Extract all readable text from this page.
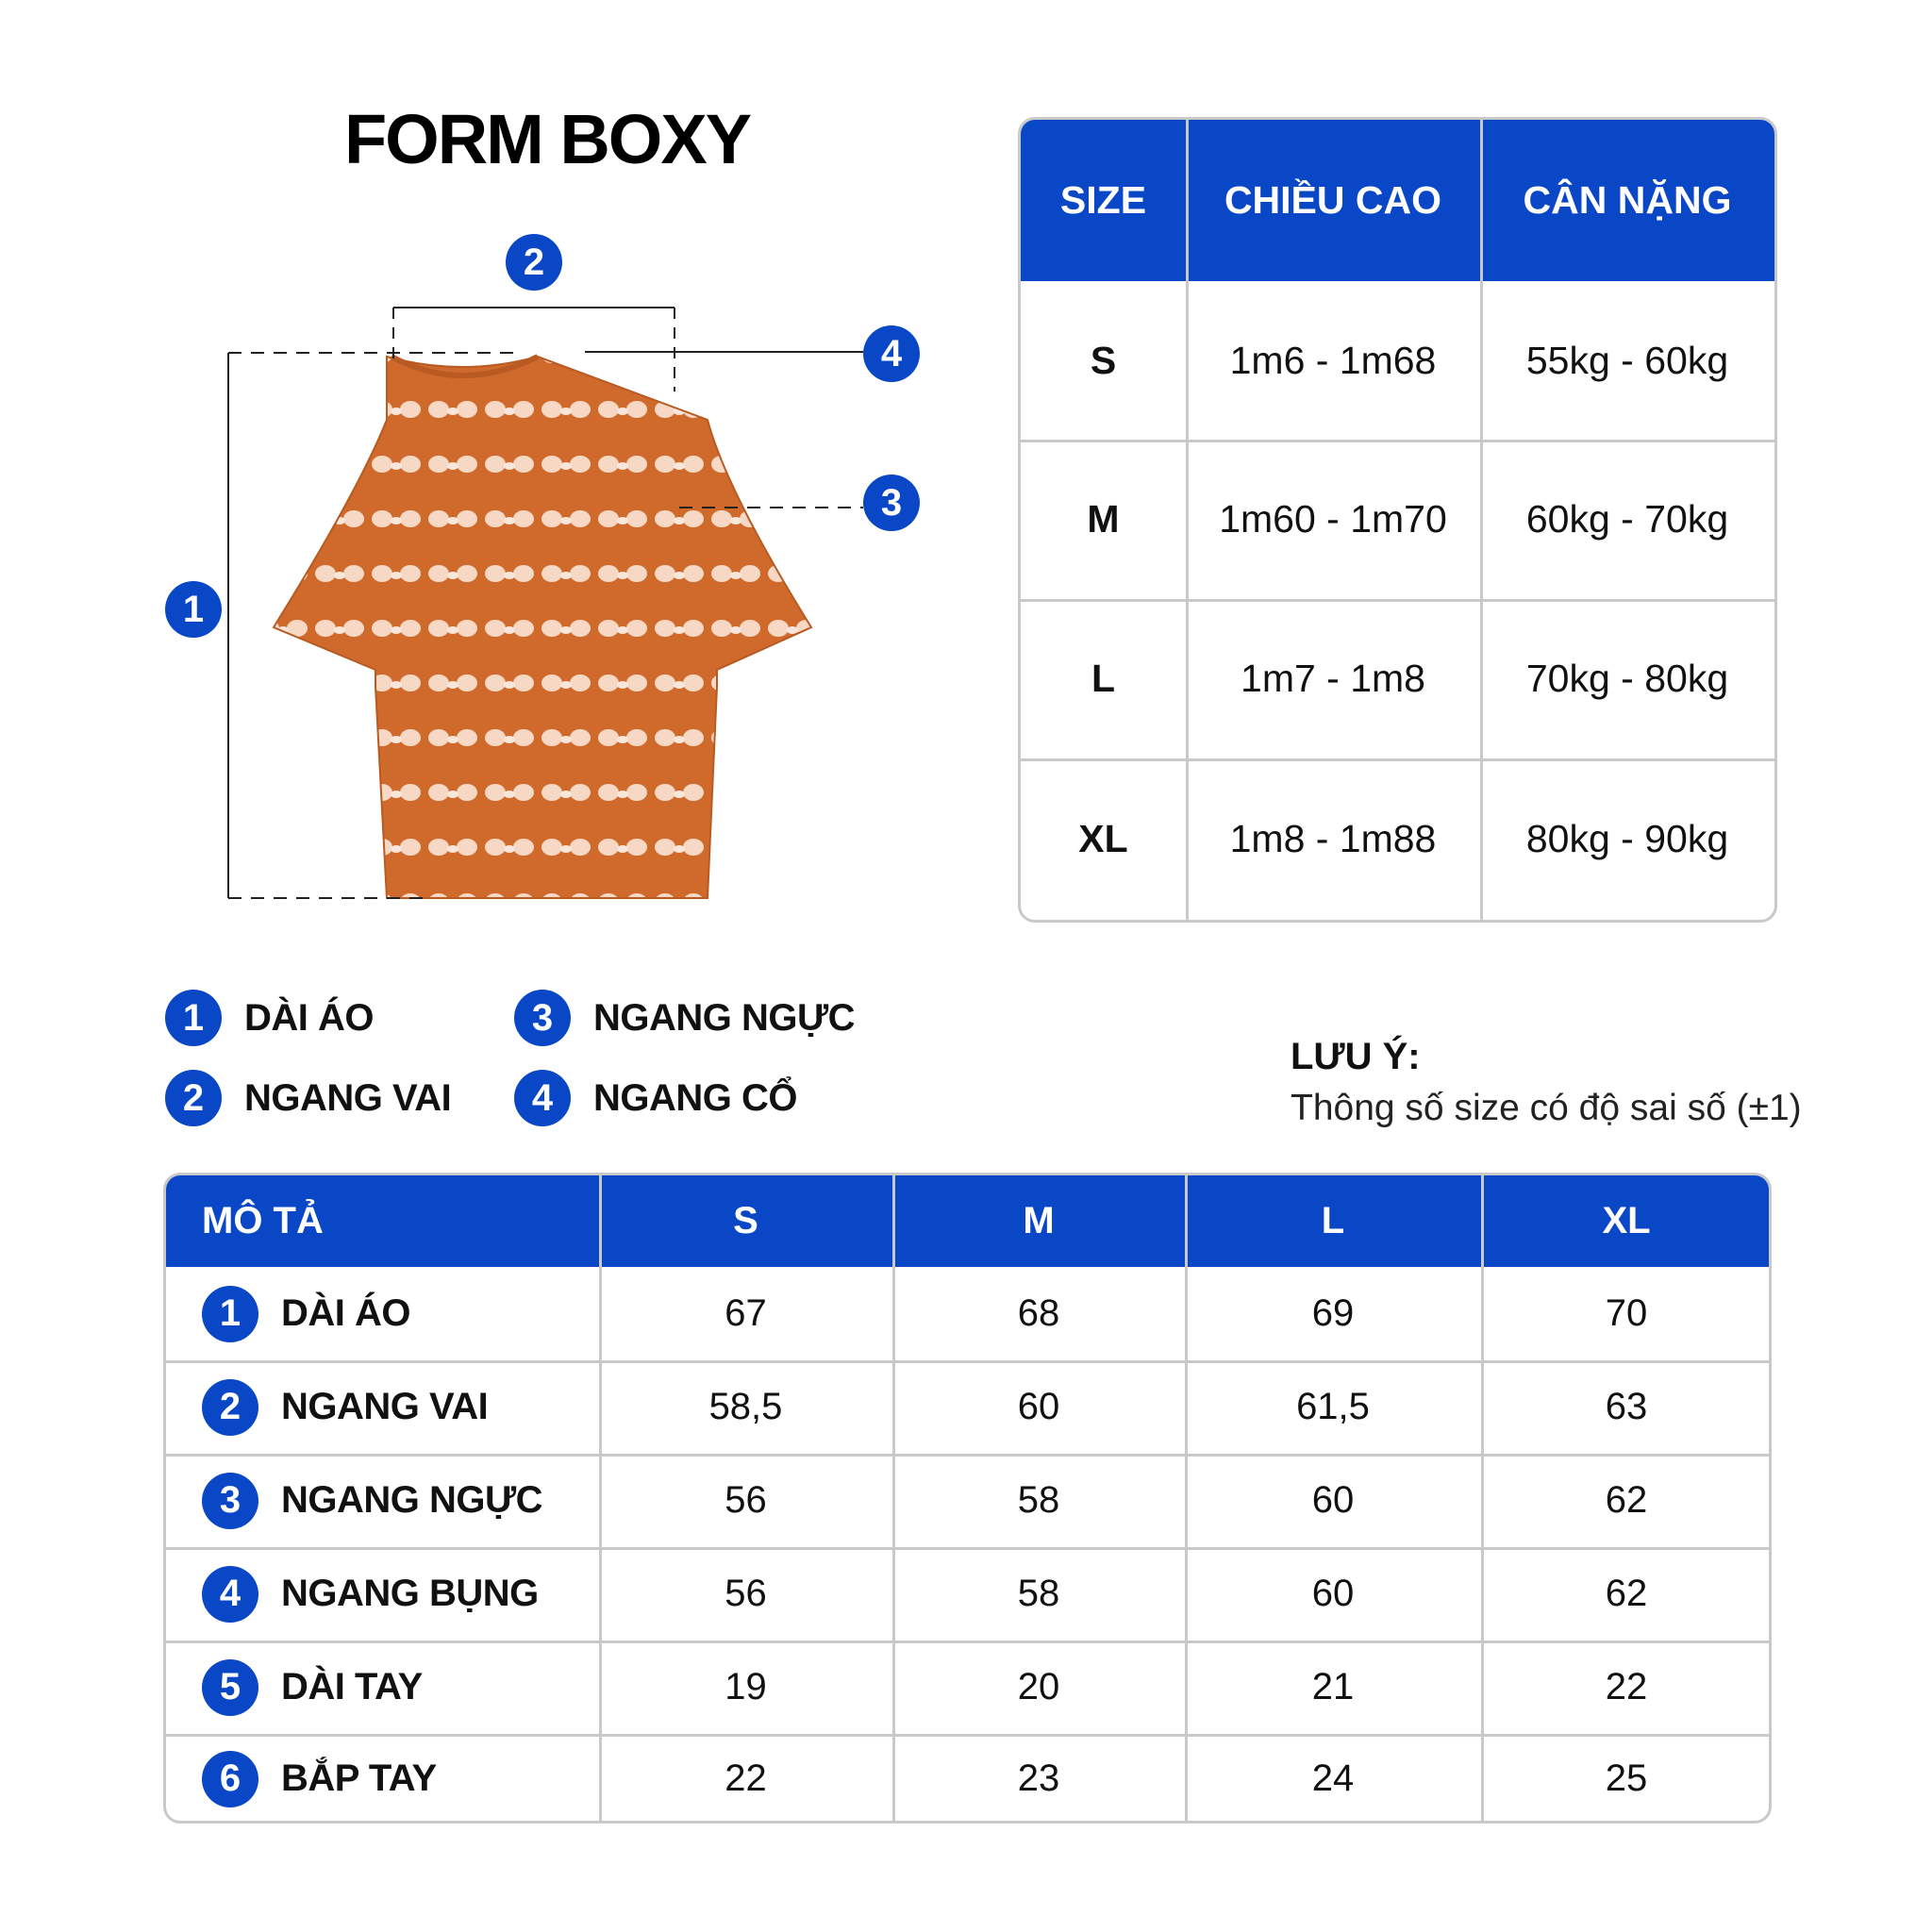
FORM BOXY
2
4
3
1
SIZE	CHIỀU CAO	CÂN NẶNG
S	1m6 - 1m68	55kg - 60kg
M	1m60 - 1m70	60kg - 70kg
L	1m7 - 1m8	70kg - 80kg
XL	1m8 - 1m88	80kg - 90kg
1	DÀI ÁO
2	NGANG VAI
3	NGANG NGỰC
4	NGANG CỔ
LƯU Ý:
Thông số size có độ sai số (±1)
MÔ TẢ	S	M	L	XL
1	DÀI ÁO	67	68	69	70
2	NGANG VAI	58,5	60	61,5	63
3	NGANG NGỰC	56	58	60	62
4	NGANG BỤNG	56	58	60	62
5	DÀI TAY	19	20	21	22
6	BẮP TAY	22	23	24	25
